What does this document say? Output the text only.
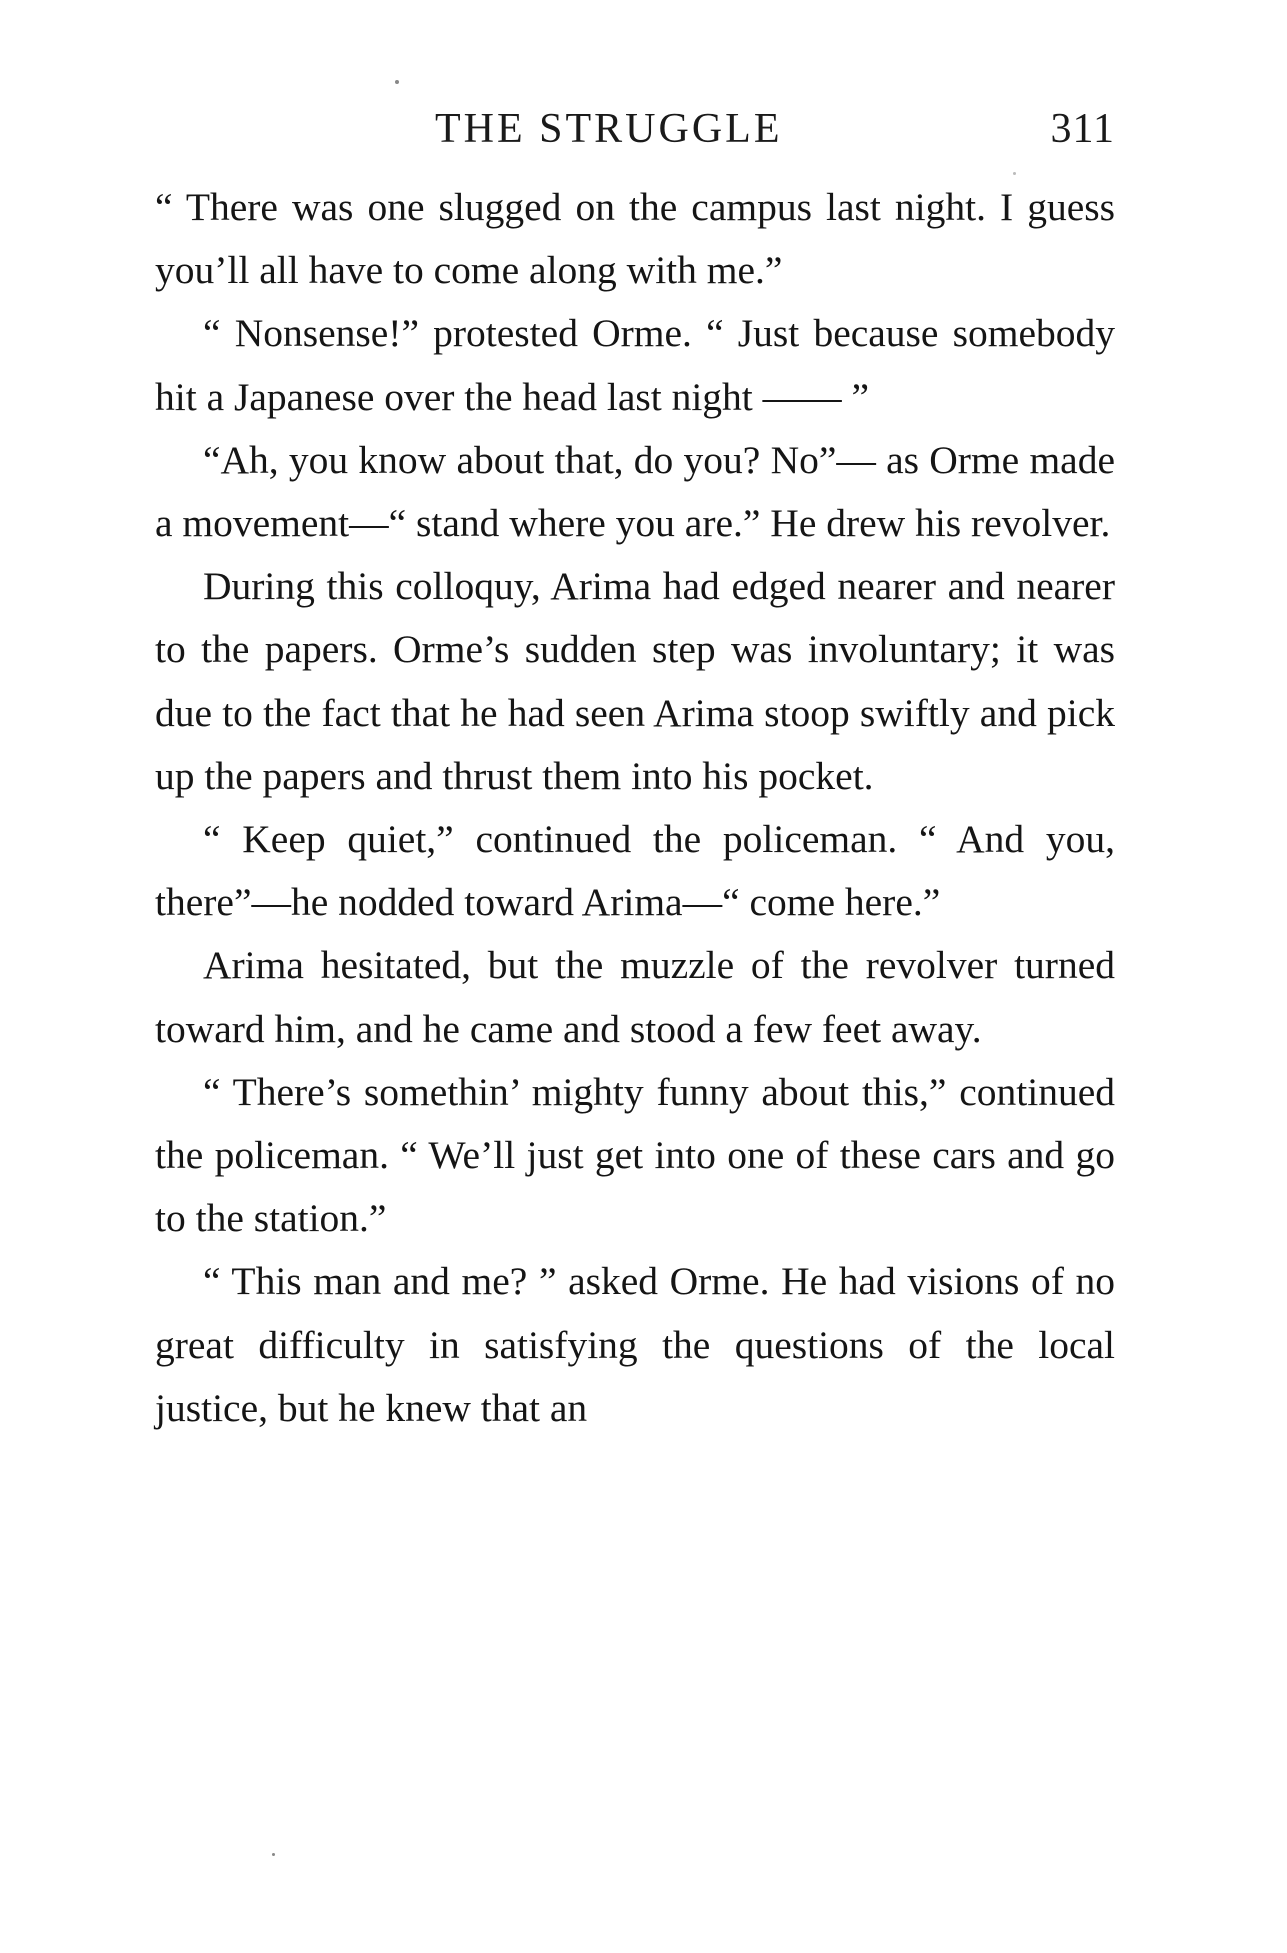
THE STRUGGLE	311

“ There was one slugged on the campus last night. I guess you’ll all have to come along with me.”

“ Nonsense!” protested Orme. “ Just because somebody hit a Japanese over the head last night —— ”

“Ah, you know about that, do you? No”— as Orme made a movement—“ stand where you are.” He drew his revolver.

During this colloquy, Arima had edged nearer and nearer to the papers. Orme’s sudden step was involuntary; it was due to the fact that he had seen Arima stoop swiftly and pick up the papers and thrust them into his pocket.

“ Keep quiet,” continued the policeman. “ And you, there”—he nodded toward Arima—“ come here.”

Arima hesitated, but the muzzle of the revolver turned toward him, and he came and stood a few feet away.

“ There’s somethin’ mighty funny about this,” continued the policeman. “ We’ll just get into one of these cars and go to the station.”

“ This man and me? ” asked Orme. He had visions of no great difficulty in satisfying the questions of the local justice, but he knew that an
